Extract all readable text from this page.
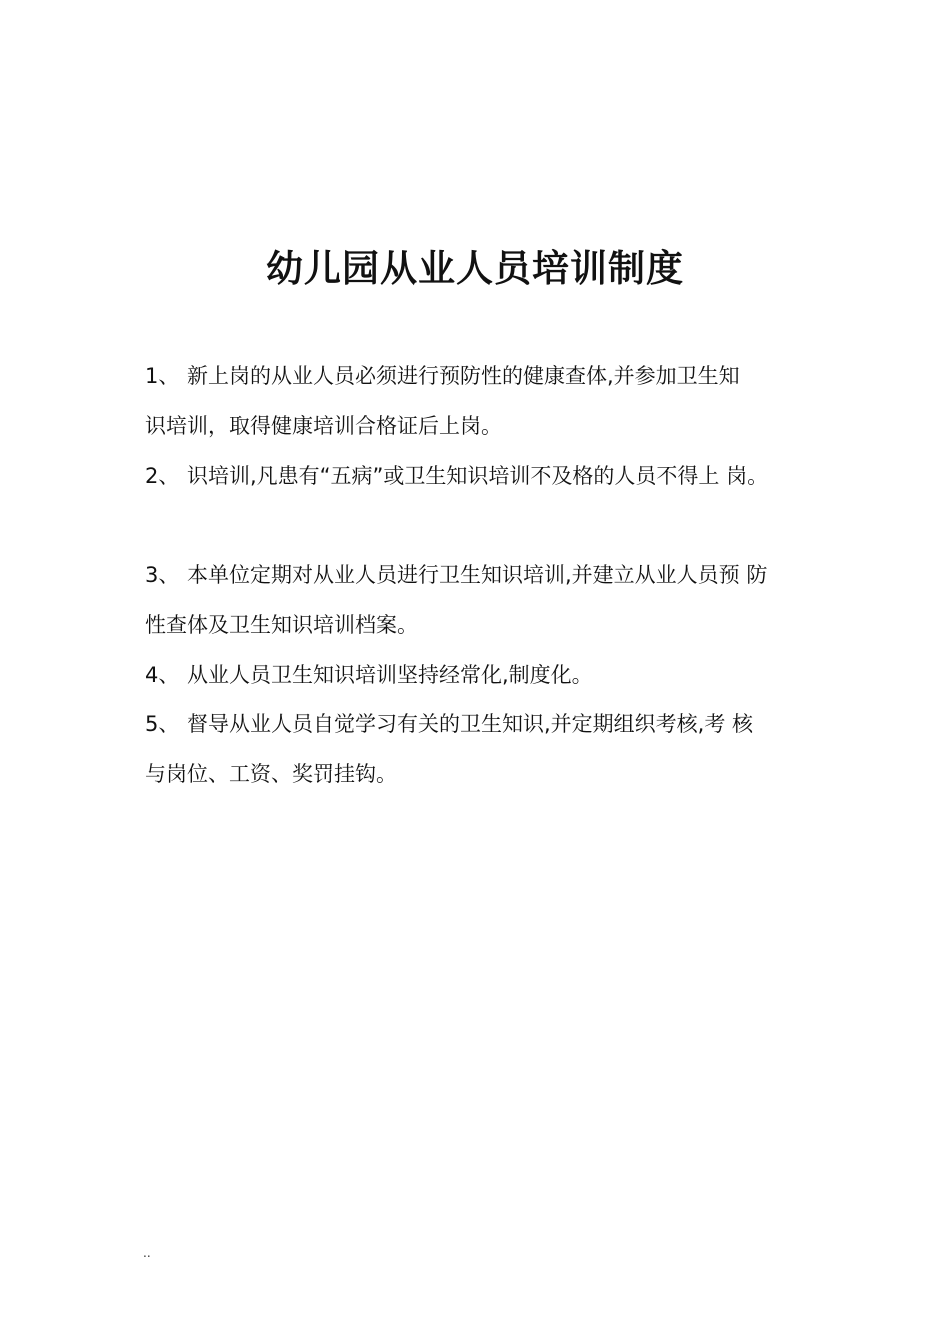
幼儿园从业人员培训制度
1、 新上岗的从业人员必须进行预防性的健康查体,并参加卫生知
识培训，取得健康培训合格证后上岗。
2、 识培训,凡患有“五病”或卫生知识培训不及格的人员不得上 岗。
3、 本单位定期对从业人员进行卫生知识培训,并建立从业人员预 防
性查体及卫生知识培训档案。
4、 从业人员卫生知识培训坚持经常化,制度化。
5、 督导从业人员自觉学习有关的卫生知识,并定期组织考核,考 核
与岗位、工资、奖罚挂钩。
..
